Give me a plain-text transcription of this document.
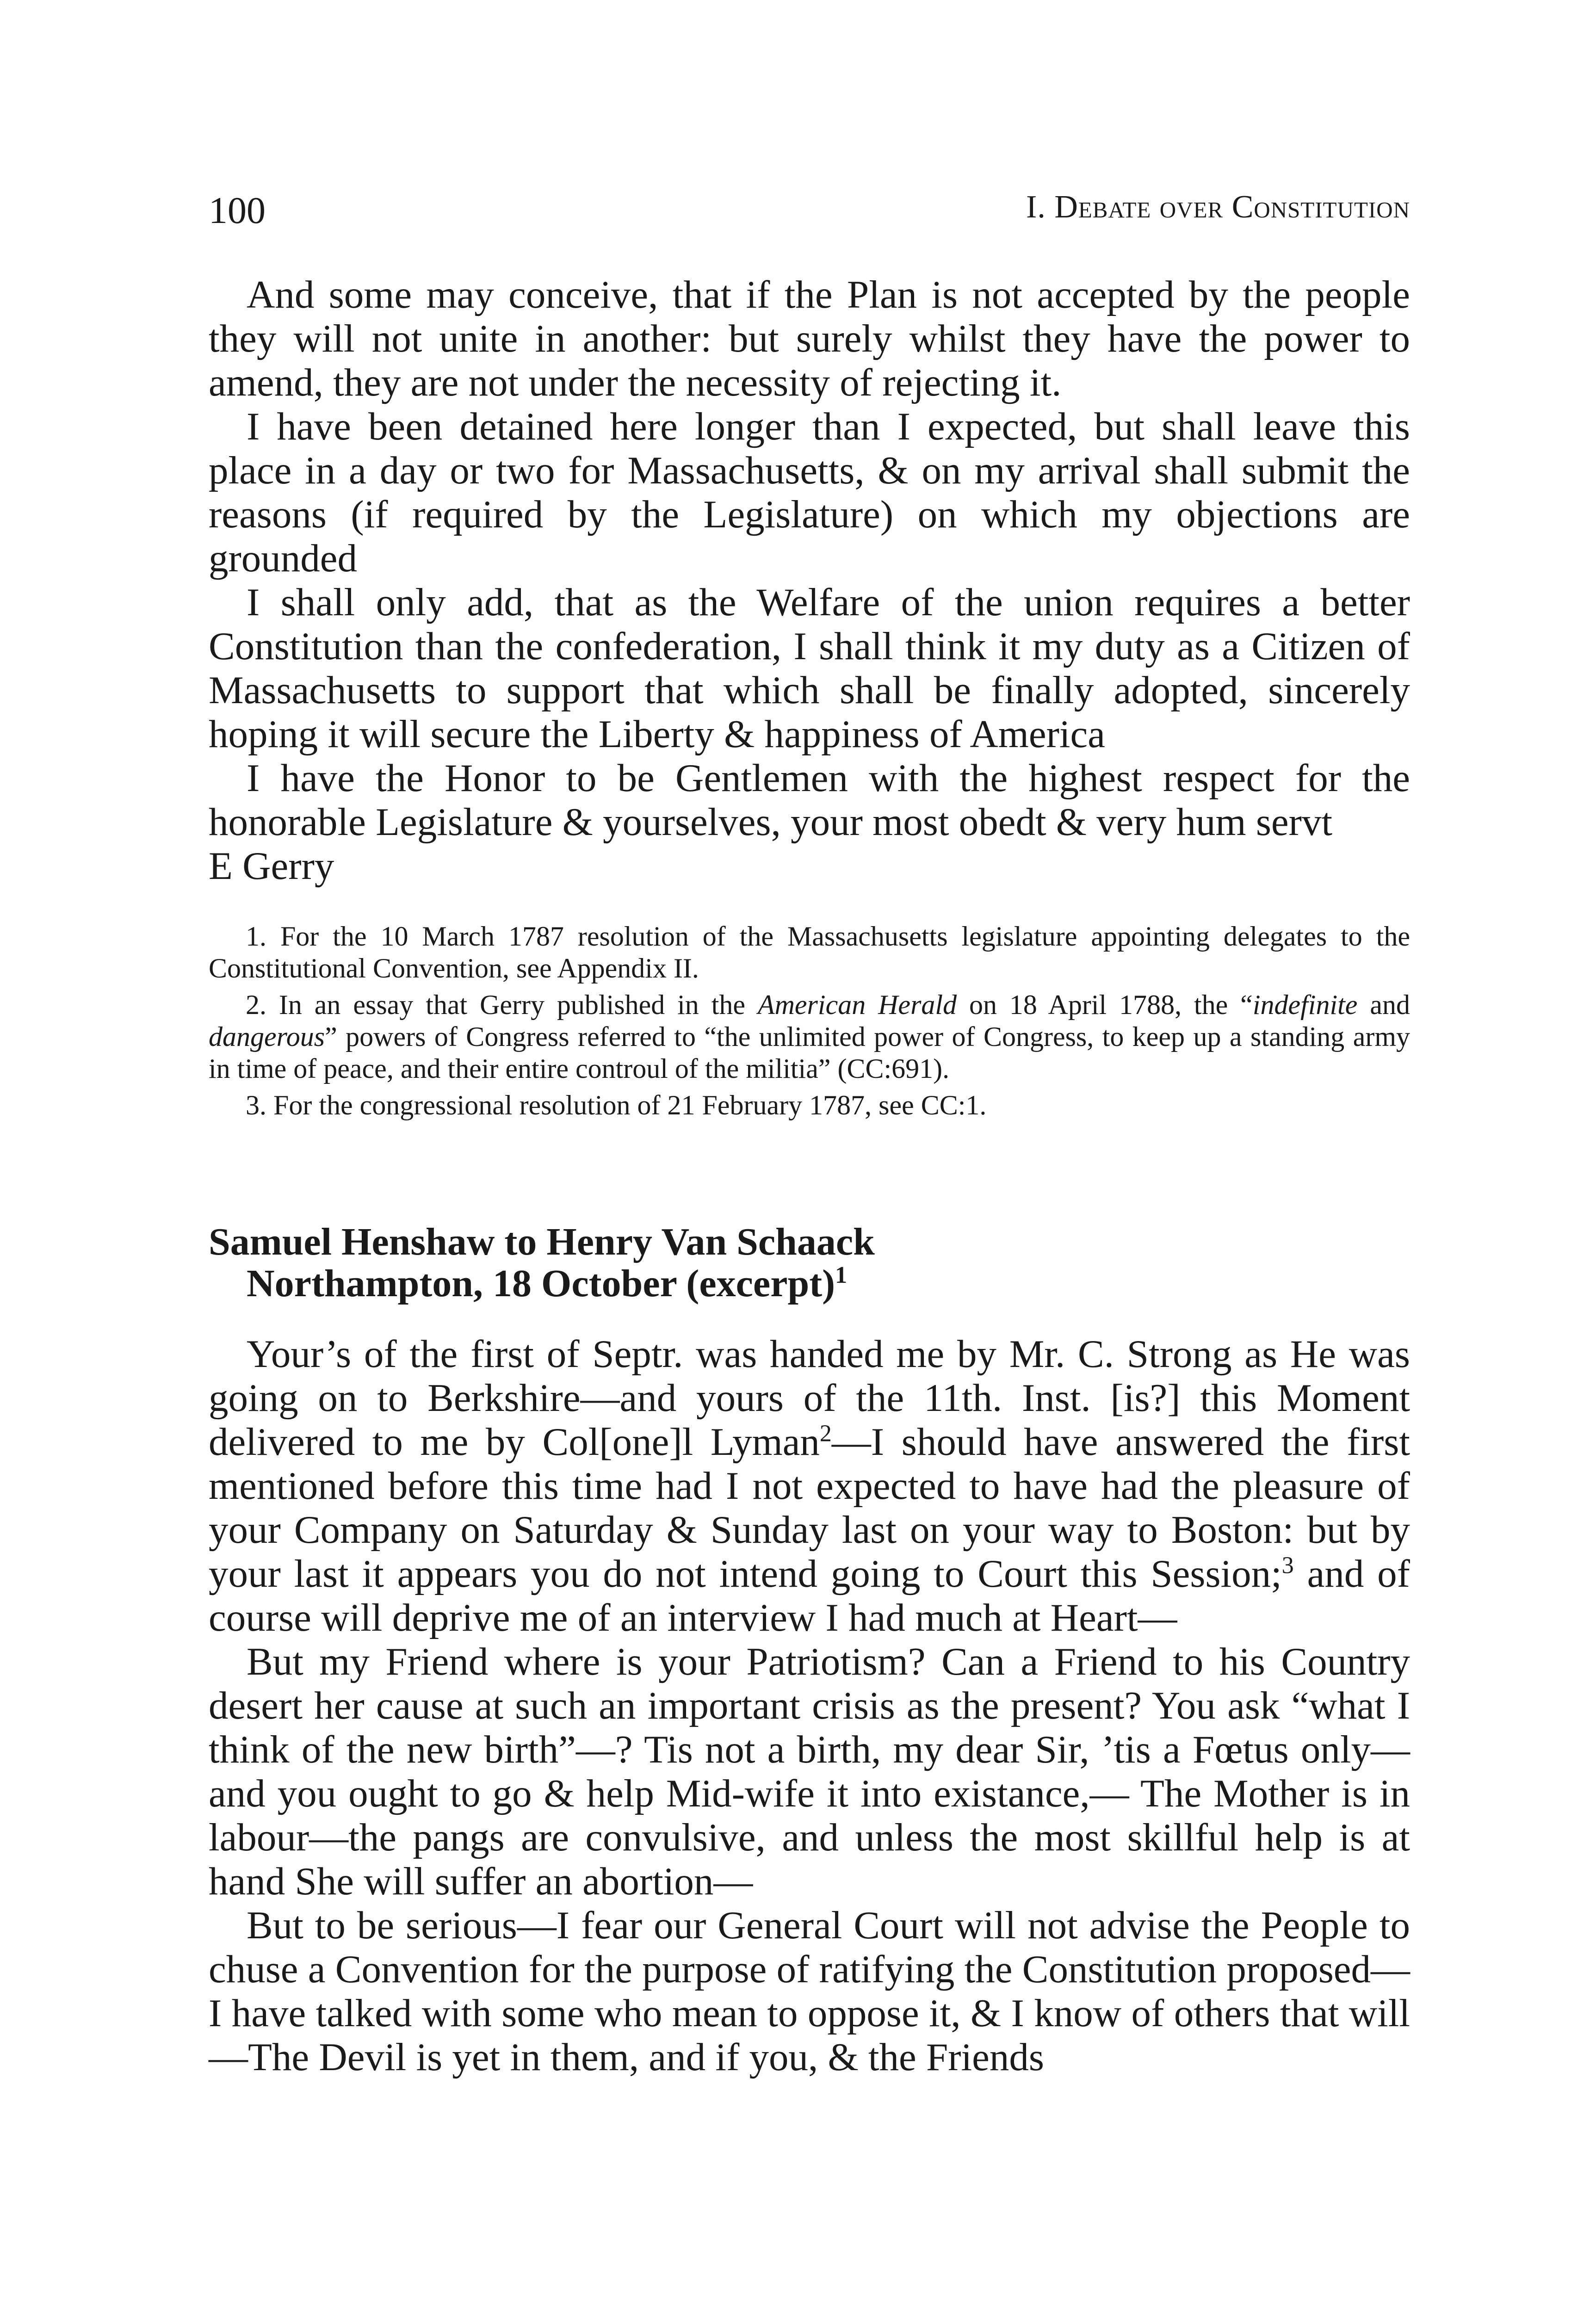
100	I. Debate over Constitution

And some may conceive, that if the Plan is not accepted by the people they will not unite in another: but surely whilst they have the power to amend, they are not under the necessity of rejecting it.

I have been detained here longer than I expected, but shall leave this place in a day or two for Massachusetts, & on my arrival shall submit the reasons (if required by the Legislature) on which my objections are grounded

I shall only add, that as the Welfare of the union requires a better Constitution than the confederation, I shall think it my duty as a Citizen of Massachusetts to support that which shall be finally adopted, sincerely hoping it will secure the Liberty & happiness of America

I have the Honor to be Gentlemen with the highest respect for the honorable Legislature & yourselves, your most obedt & very hum servt

E Gerry

1. For the 10 March 1787 resolution of the Massachusetts legislature appointing delegates to the Constitutional Convention, see Appendix II.

2. In an essay that Gerry published in the American Herald on 18 April 1788, the “indefinite and dangerous” powers of Congress referred to “the unlimited power of Congress, to keep up a standing army in time of peace, and their entire controul of the militia” (CC:691).

3. For the congressional resolution of 21 February 1787, see CC:1.

Samuel Henshaw to Henry Van Schaack
Northampton, 18 October (excerpt)$^1$

Your’s of the first of Septr. was handed me by Mr. C. Strong as He was going on to Berkshire—and yours of the 11th. Inst. [is?] this Moment delivered to me by Col[one]l Lyman$^2$—I should have answered the first mentioned before this time had I not expected to have had the pleasure of your Company on Saturday & Sunday last on your way to Boston: but by your last it appears you do not intend going to Court this Session;$^3$ and of course will deprive me of an interview I had much at Heart—

But my Friend where is your Patriotism? Can a Friend to his Country desert her cause at such an important crisis as the present? You ask “what I think of the new birth”—? Tis not a birth, my dear Sir, ’tis a Fœtus only—and you ought to go & help Mid-wife it into existance,— The Mother is in labour—the pangs are convulsive, and unless the most skillful help is at hand She will suffer an abortion—

But to be serious—I fear our General Court will not advise the People to chuse a Convention for the purpose of ratifying the Constitution proposed—I have talked with some who mean to oppose it, & I know of others that will—The Devil is yet in them, and if you, & the Friends
